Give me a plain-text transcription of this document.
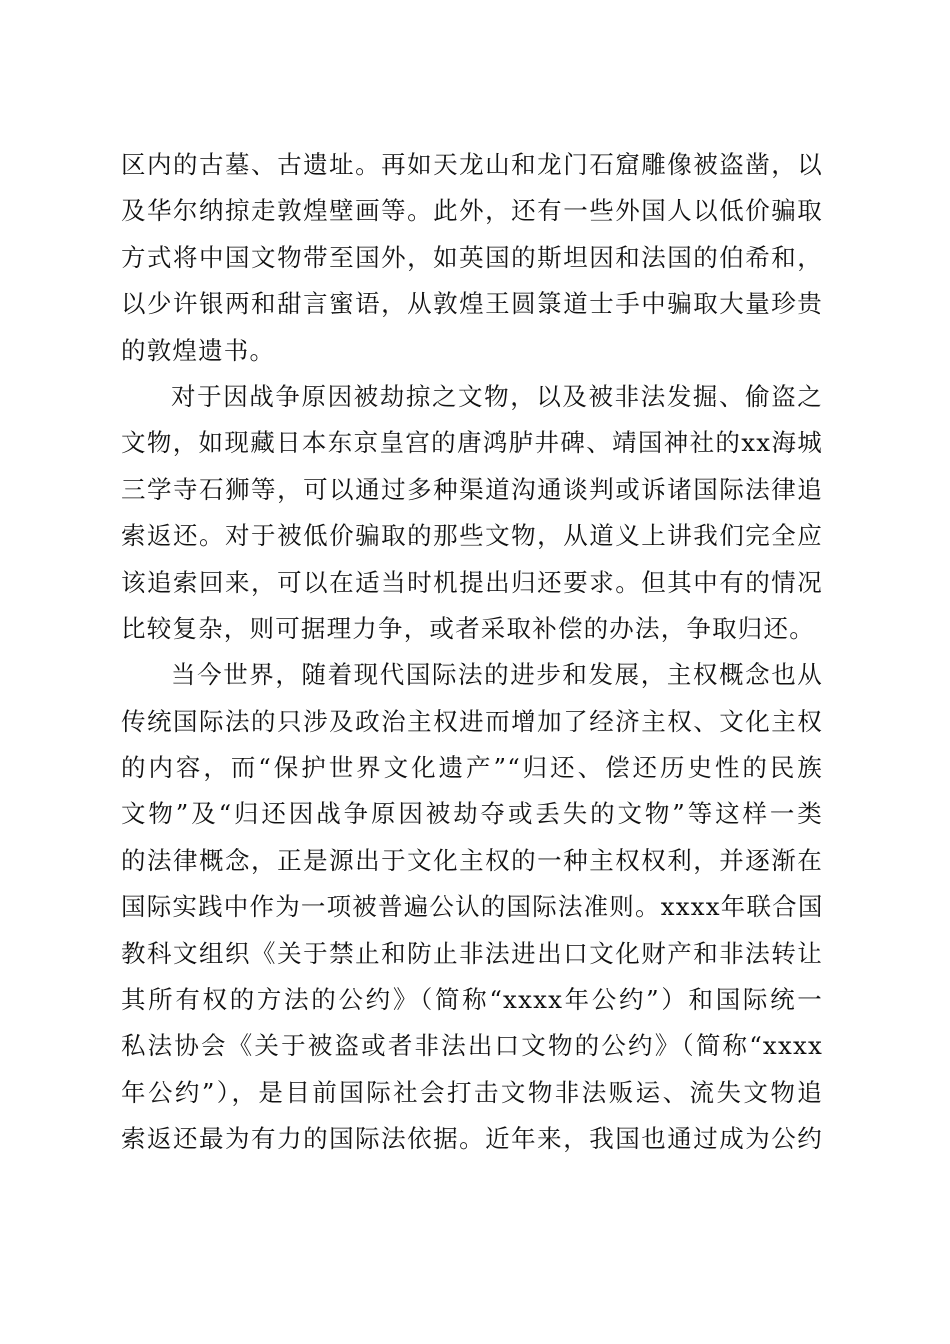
区内的古墓、古遗址。再如天龙山和龙门石窟雕像被盗凿，以
及华尔纳掠走敦煌壁画等。此外，还有一些外国人以低价骗取
方式将中国文物带至国外，如英国的斯坦因和法国的伯希和，
以少许银两和甜言蜜语，从敦煌王圆箓道士手中骗取大量珍贵
的敦煌遗书。
对于因战争原因被劫掠之文物，以及被非法发掘、偷盗之
文物，如现藏日本东京皇宫的唐鸿胪井碑、靖国神社的xx海城
三学寺石狮等，可以通过多种渠道沟通谈判或诉诸国际法律追
索返还。对于被低价骗取的那些文物，从道义上讲我们完全应
该追索回来，可以在适当时机提出归还要求。但其中有的情况
比较复杂，则可据理力争，或者采取补偿的办法，争取归还。
当今世界，随着现代国际法的进步和发展，主权概念也从
传统国际法的只涉及政治主权进而增加了经济主权、文化主权
的内容，而“保护世界文化遗产”“归还、偿还历史性的民族
文物”及“归还因战争原因被劫夺或丢失的文物”等这样一类
的法律概念，正是源出于文化主权的一种主权权利，并逐渐在
国际实践中作为一项被普遍公认的国际法准则。xxxx年联合国
教科文组织《关于禁止和防止非法进出口文化财产和非法转让
其所有权的方法的公约》（简称“xxxx年公约”）和国际统一
私法协会《关于被盗或者非法出口文物的公约》（简称“xxxx
年公约”），是目前国际社会打击文物非法贩运、流失文物追
索返还最为有力的国际法依据。近年来，我国也通过成为公约
